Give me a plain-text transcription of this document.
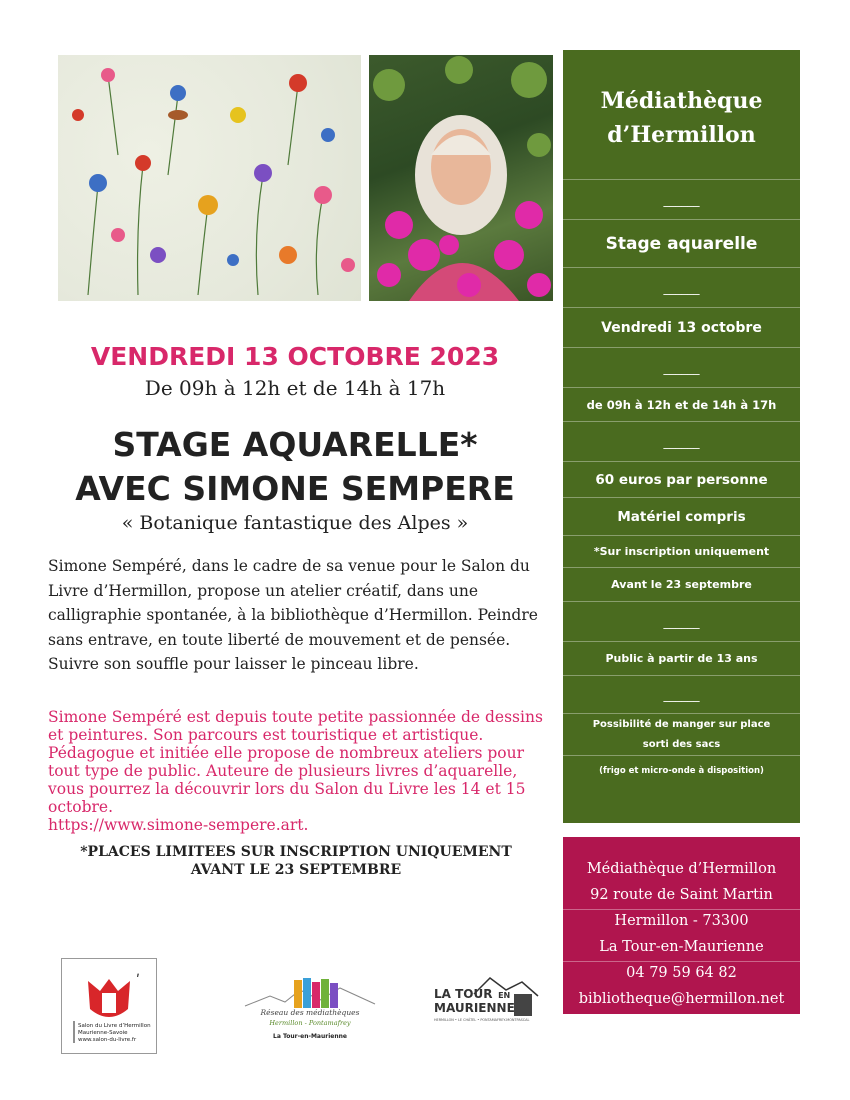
VENDREDI 13 OCTOBRE 2023
De 09h à 12h et de 14h à 17h
STAGE AQUARELLE*
AVEC SIMONE SEMPERE
« Botanique fantastique des Alpes »
Simone Sempéré, dans le cadre de sa venue pour le Salon du Livre d’Hermillon, propose un atelier créatif, dans une calligraphie spontanée, à la bibliothèque d’Hermillon. Peindre sans entrave, en toute liberté de mouvement et de pensée. Suivre son souffle pour laisser le pinceau libre.
Simone Sempéré est depuis toute petite passionnée de dessins et peintures. Son parcours est touristique et artistique. Pédagogue et initiée elle propose de nombreux ateliers pour tout type de public. Auteure de plusieurs livres d’aquarelle, vous pourrez la découvrir lors du Salon du Livre les 14 et 15 octobre.
https://www.simone-sempere.art.
*PLACES LIMITEES SUR INSCRIPTION UNIQUEMENT
AVANT LE 23 SEPTEMBRE
Médiathèque
d’Hermillon
______
Stage aquarelle
______
Vendredi 13 octobre
______
de 09h à 12h et de 14h à 17h
______
60 euros par personne
Matériel compris
*Sur inscription uniquement
Avant le 23 septembre
______
Public à partir de 13 ans
______
Possibilité de manger sur place
sorti des sacs
(frigo et micro-onde à disposition)
Médiathèque d’Hermillon
92 route de Saint Martin
Hermillon - 73300
La Tour-en-Maurienne
04 79 59 64 82
bibliotheque@hermillon.net
ʹ
Salon du Livre d’Hermillon
Maurienne-Savoie
www.salon-du-livre.fr
Réseau des médiathèques
Hermillon - Pontamafrey
La Tour-en-Maurienne
LA TOUR EN
MAURIENNE
HERMILLON • LE CHÂTEL • PONTAMAFREY-MONTPASCAL
